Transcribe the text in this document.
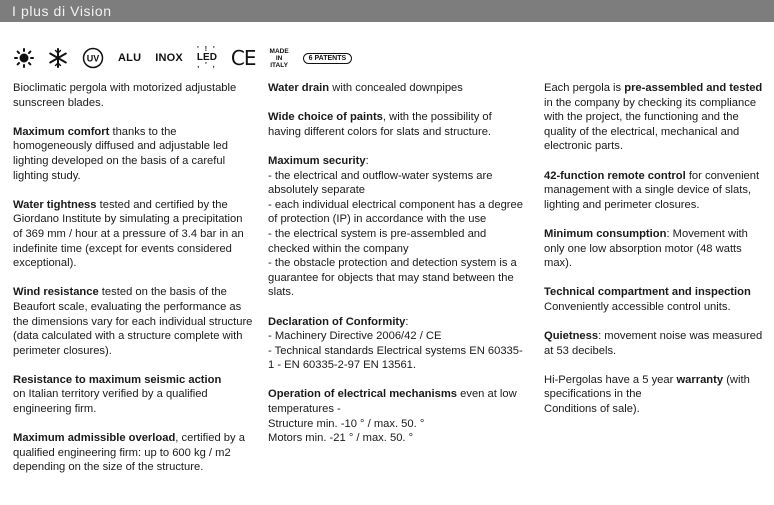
I plus di Vision
UV ALU INOX
' ! '
LED
, ' , CE MADE
IN
ITALY
6 PATENTS

Bioclimatic pergola with motorized adjustable sunscreen blades.

Maximum comfort thanks to the homogeneously diffused and adjustable led lighting developed on the basis of a careful lighting study.

Water tightness tested and certified by the Giordano Institute by simulating a precipitation of 369 mm / hour at a pressure of 3.4 bar in an indefinite time (except for events considered
exceptional).

Wind resistance tested on the basis of the Beaufort scale, evaluating the performance as the dimensions vary for each individual structure (data calculated with a structure complete with perimeter closures).

Resistance to maximum seismic action
on Italian territory verified by a qualified engineering firm.

Maximum admissible overload, certified by a qualified engineering firm: up to 600 kg / m2 depending on the size of the structure.

Water drain with concealed downpipes

Wide choice of paints, with the possibility of having different colors for slats and structure.

Maximum security:
- the electrical and outflow-water systems are absolutely separate
- each individual electrical component has a degree of protection (IP) in accordance with the use
- the electrical system is pre-assembled and checked within the company
- the obstacle protection and detection system is a guarantee for objects that may stand between the slats.

Declaration of Conformity:
- Machinery Directive 2006/42 / CE
- Technical standards Electrical systems EN 60335-1 - EN 60335-2-97 EN 13561.

Operation of electrical mechanisms even at low temperatures -
Structure min. -10 ° / max. 50. °
Motors min. -21 ° / max. 50. °

Each pergola is pre-assembled and tested in the company by checking its compliance with the project, the functioning and the quality of the electrical, mechanical and electronic parts.

42-function remote control for convenient management with a single device of slats, lighting and perimeter closures.

Minimum consumption: Movement with only one low absorption motor (48 watts max).

Technical compartment and inspection
Conveniently accessible control units.

Quietness: movement noise was measured at 53 decibels.

Hi-Pergolas have a 5 year warranty (with specifications in the
Conditions of sale).
